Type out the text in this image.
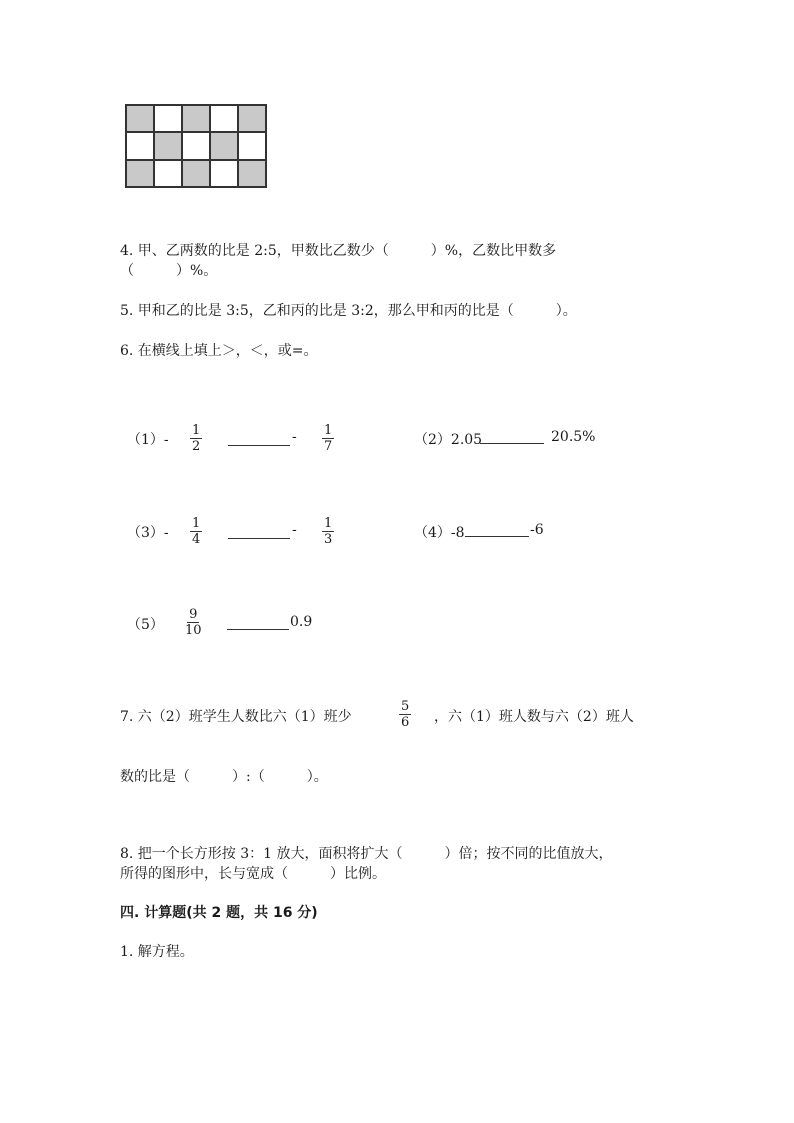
4. 甲、乙两数的比是 2:5，甲数比乙数少（　　　）%，乙数比甲数多
（　　　）%。
5. 甲和乙的比是 3:5，乙和丙的比是 3:2，那么甲和丙的比是（　　　）。
6. 在横线上填上＞，＜，或=。
$(1)- \frac{1}{2}$	- $\frac{1}{7}$	（2）2.05	20.5%
$(3)- \frac{1}{4}$	- $\frac{1}{3}$	（4）-8	-6
$(5) \frac{9}{10}$	0.9
7. 六（2）班学生人数比六（1）班少	$\frac{5}{6}$ ，六（1）班人数与六（2）班人
数的比是（　　　）:（　　　）。
8. 把一个长方形按 3：1 放大，面积将扩大（　　　）倍；按不同的比值放大，
所得的图形中，长与宽成（　　　）比例。
四. 计算题(共 2 题，共 16 分)
1. 解方程。
